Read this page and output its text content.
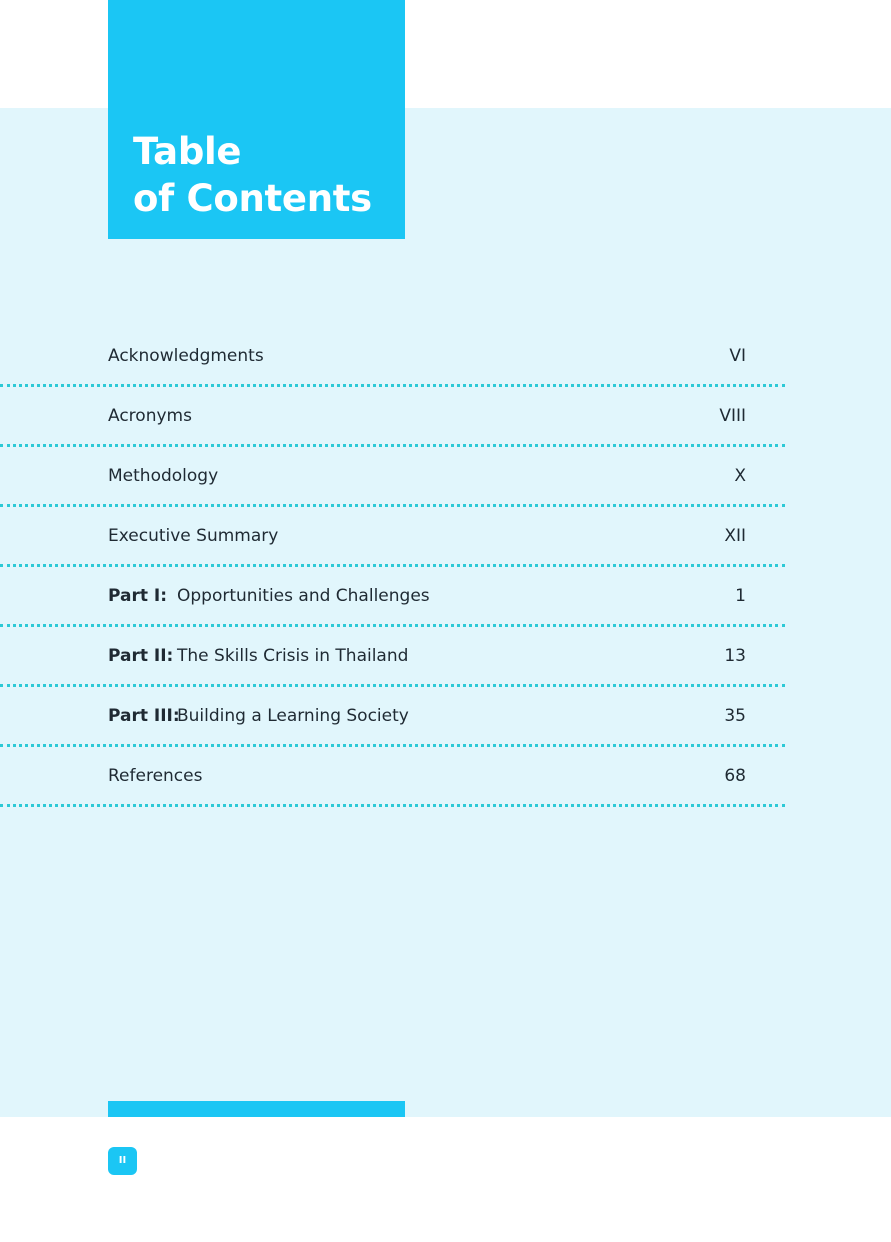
Table
of Contents
Acknowledgments	VI
Acronyms	VIII
Methodology	X
Executive Summary	XII
Part I: Opportunities and Challenges	1
Part II: The Skills Crisis in Thailand	13
Part III:Building a Learning Society	35
References	68
II
